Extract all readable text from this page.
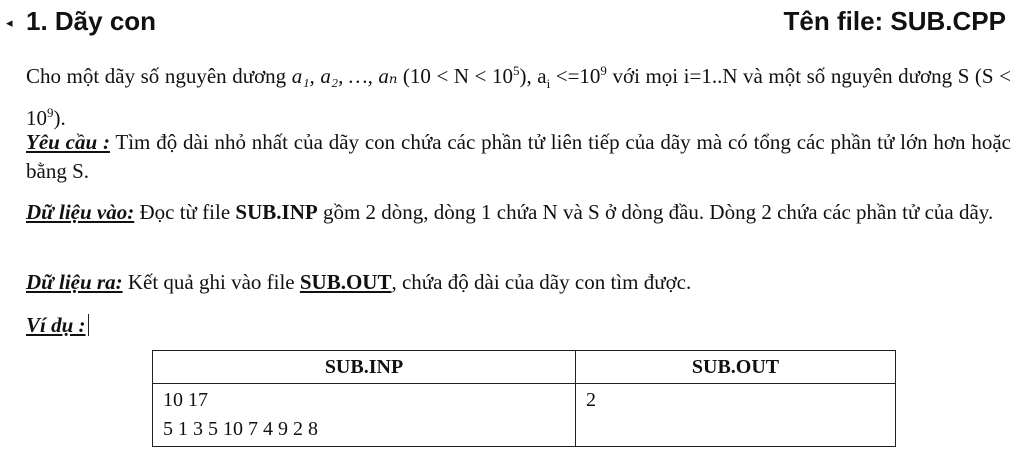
◂ 1. Dãy con	Tên file: SUB.CPP
Cho một dãy số nguyên dương a₁, a₂, …, aₙ $(10 < N < 10^5)$, $a_i <=10^9$ với mọi i=1..N và một số nguyên dương S $(S < 10^9)$.
Yêu cầu : Tìm độ dài nhỏ nhất của dãy con chứa các phần tử liên tiếp của dãy mà có tổng các phần tử lớn hơn hoặc bằng S.
Dữ liệu vào: Đọc từ file SUB.INP gồm 2 dòng, dòng 1 chứa N và S ở dòng đầu. Dòng 2 chứa các phần tử của dãy.
Dữ liệu ra: Kết quả ghi vào file SUB.OUT, chứa độ dài của dãy con tìm được.
Ví dụ :
SUB.INP	SUB.OUT

10 17
5 1 3 5 10 7 4 9 2 8	2
